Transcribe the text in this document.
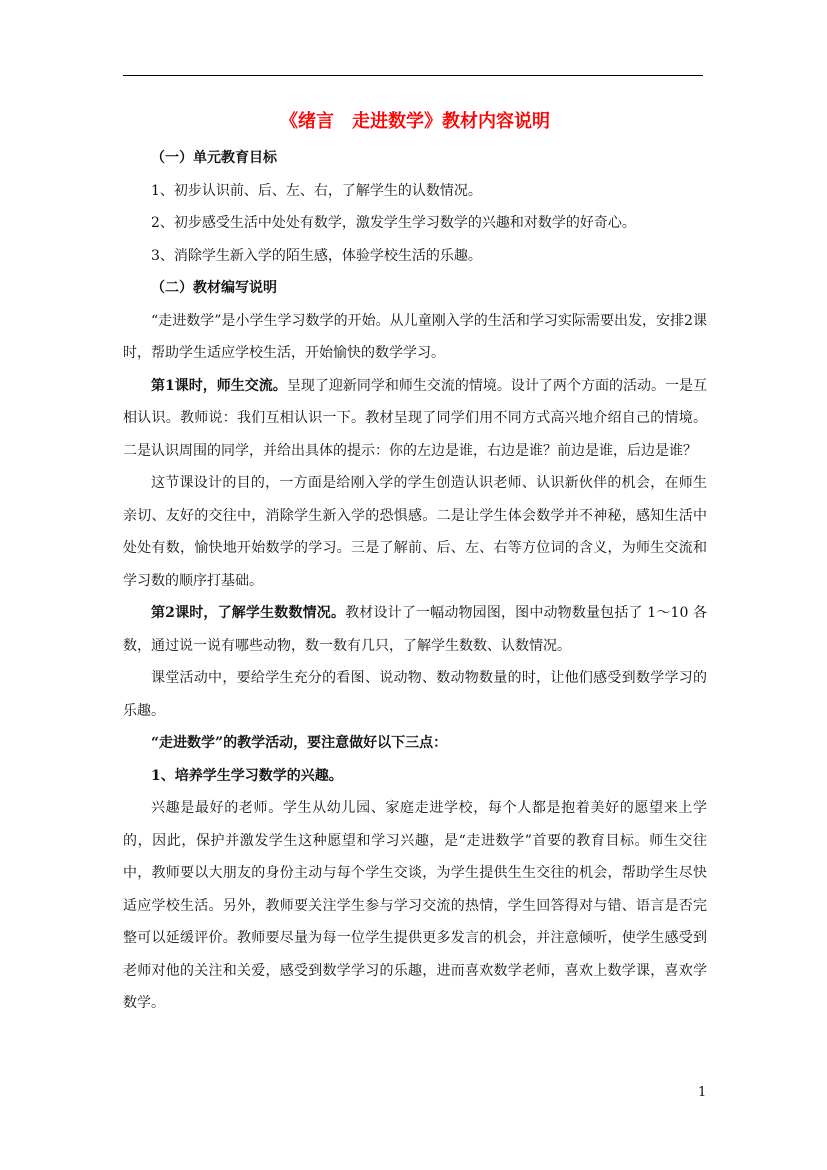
《绪言　走进数学》教材内容说明

（一）单元教育目标

1、初步认识前、后、左、右，了解学生的认数情况。

2、初步感受生活中处处有数学，激发学生学习数学的兴趣和对数学的好奇心。

3、消除学生新入学的陌生感，体验学校生活的乐趣。

（二）教材编写说明

“走进数学”是小学生学习数学的开始。从儿童刚入学的生活和学习实际需要出发，安排2课时，帮助学生适应学校生活，开始愉快的数学学习。

第1课时，师生交流。呈现了迎新同学和师生交流的情境。设计了两个方面的活动。一是互相认识。教师说：我们互相认识一下。教材呈现了同学们用不同方式高兴地介绍自己的情境。二是认识周围的同学，并给出具体的提示：你的左边是谁，右边是谁？前边是谁，后边是谁？

这节课设计的目的，一方面是给刚入学的学生创造认识老师、认识新伙伴的机会，在师生亲切、友好的交往中，消除学生新入学的恐惧感。二是让学生体会数学并不神秘，感知生活中处处有数，愉快地开始数学的学习。三是了解前、后、左、右等方位词的含义，为师生交流和学习数的顺序打基础。

第2课时，了解学生数数情况。教材设计了一幅动物园图，图中动物数量包括了 1～10 各数，通过说一说有哪些动物，数一数有几只，了解学生数数、认数情况。

课堂活动中，要给学生充分的看图、说动物、数动物数量的时，让他们感受到数学学习的乐趣。

“走进数学”的教学活动，要注意做好以下三点：

1、培养学生学习数学的兴趣。

兴趣是最好的老师。学生从幼儿园、家庭走进学校，每个人都是抱着美好的愿望来上学的，因此，保护并激发学生这种愿望和学习兴趣，是“走进数学”首要的教育目标。师生交往中，教师要以大朋友的身份主动与每个学生交谈，为学生提供生生交往的机会，帮助学生尽快适应学校生活。另外，教师要关注学生参与学习交流的热情，学生回答得对与错、语言是否完整可以延缓评价。教师要尽量为每一位学生提供更多发言的机会，并注意倾听，使学生感受到老师对他的关注和关爱，感受到数学学习的乐趣，进而喜欢数学老师，喜欢上数学课，喜欢学数学。

1
